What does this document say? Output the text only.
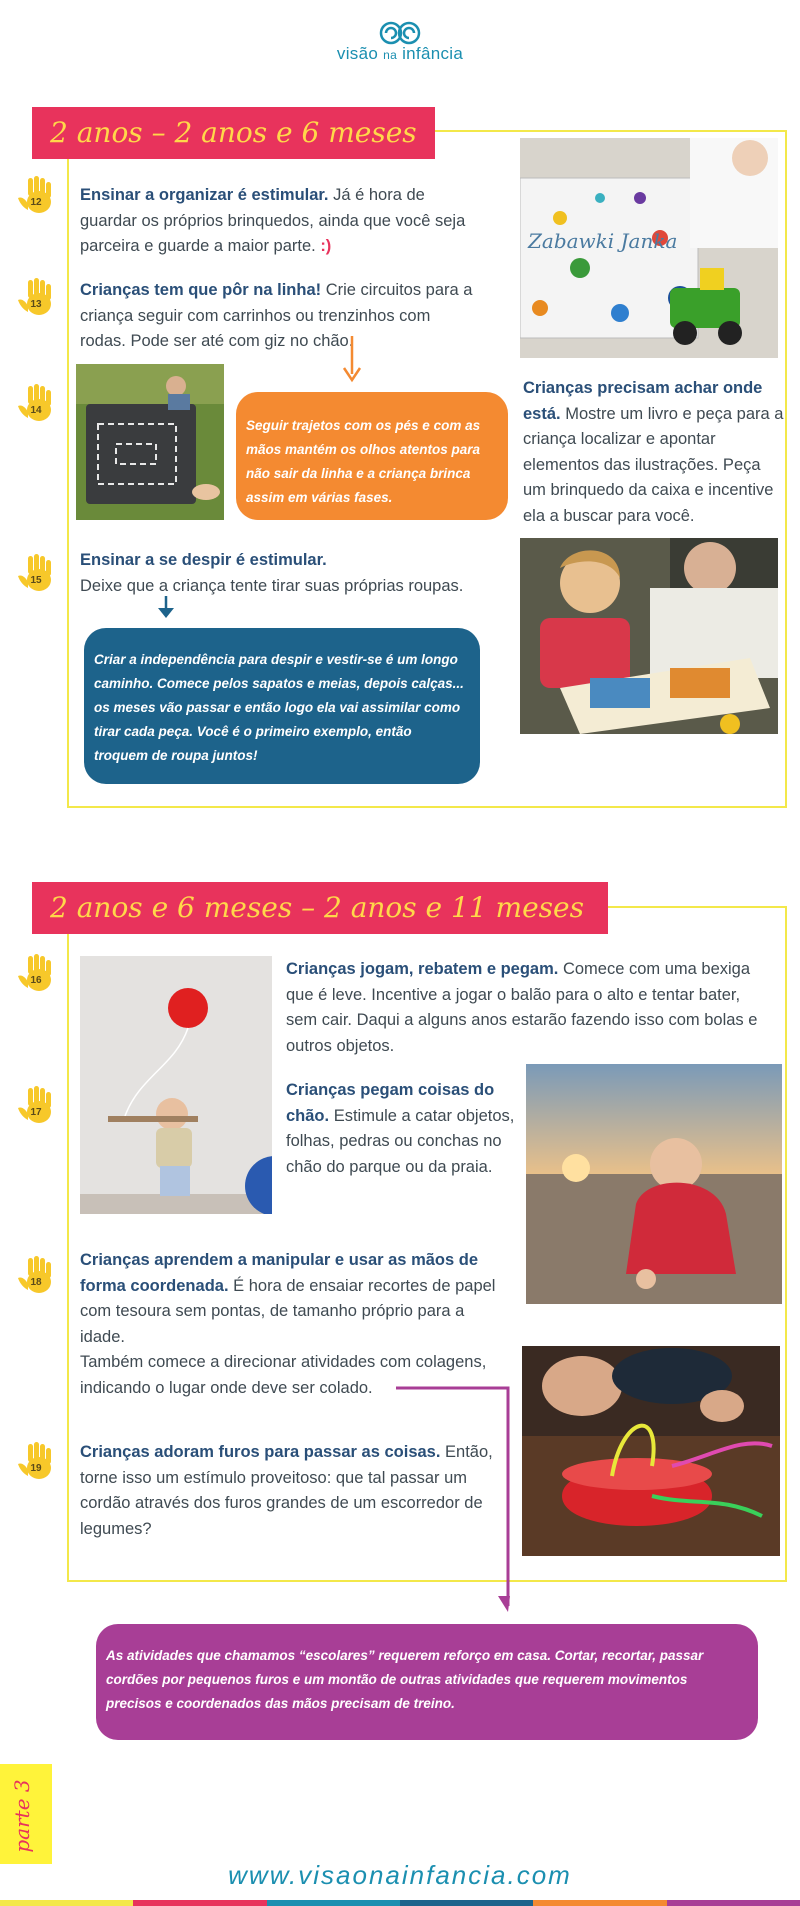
visão na infância
2 anos – 2 anos e 6 meses
12	Ensinar a organizar é estimular. Já é hora de guardar os próprios brinquedos, ainda que você seja parceira e guarde a maior parte. :)
13
Crianças tem que pôr na linha! Crie circuitos para a criança seguir com carrinhos ou trenzinhos com rodas. Pode ser até com giz no chão.
14
Seguir trajetos com os pés e com as mãos mantém os olhos atentos para não sair da linha e a criança brinca assim em várias fases.
Zabawki Janka
Crianças precisam achar onde está. Mostre um livro e peça para a criança localizar e apontar elementos das ilustrações. Peça um brinquedo da caixa e incentive ela a buscar para você.
15
Ensinar a se despir é estimular.
Deixe que a criança tente tirar suas próprias roupas.
Criar a independência para despir e vestir-se é um longo caminho. Comece pelos sapatos e meias, depois calças... os meses vão passar e então logo ela vai assimilar como tirar cada peça. Você é o primeiro exemplo, então troquem de roupa juntos!
2 anos e 6 meses – 2 anos e 11 meses
16
Crianças jogam, rebatem e pegam. Comece com uma bexiga que é leve. Incentive a jogar o balão para o alto e tentar bater, sem cair. Daqui a alguns anos estarão fazendo isso com bolas e outros objetos.
17
Crianças pegam coisas do chão. Estimule a catar objetos, folhas, pedras ou conchas no chão do parque ou da praia.
18
Crianças aprendem a manipular e usar as mãos de forma coordenada. É hora de ensaiar recortes de papel com tesoura sem pontas, de tamanho próprio para a idade.
Também comece a direcionar atividades com colagens, indicando o lugar onde deve ser colado.
19
Crianças adoram furos para passar as coisas. Então, torne isso um estímulo proveitoso: que tal passar um cordão através dos furos grandes de um escorredor de legumes?
As atividades que chamamos “escolares” requerem reforço em casa. Cortar, recortar, passar cordões por pequenos furos e um montão de outras atividades que requerem movimentos precisos e coordenados das mãos precisam de treino.
parte 3
www.visaonainfancia.com
